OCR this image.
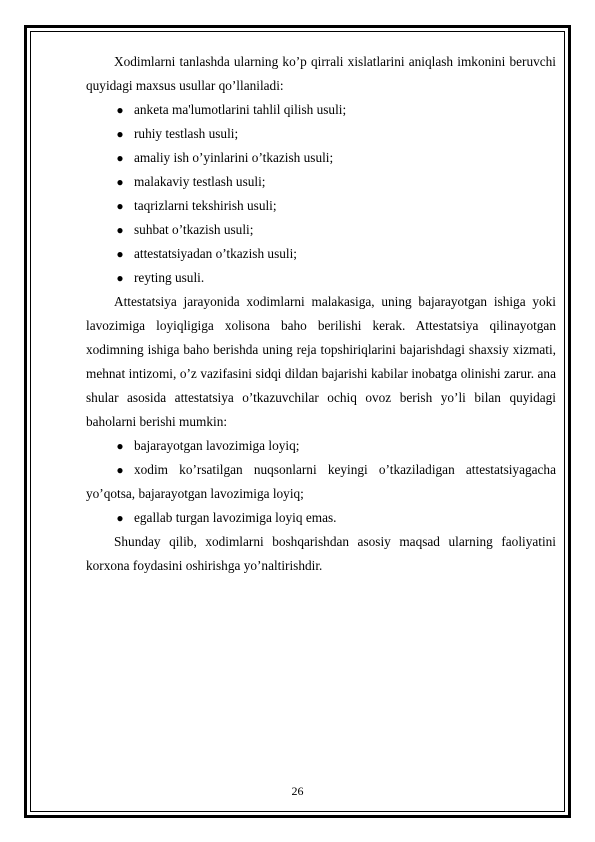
Xodimlarni tanlashda ularning ko’p qirrali xislatlarini aniqlash imkonini beruvchi quyidagi maxsus usullar qo’llaniladi:

● anketa ma'lumotlarini tahlil qilish usuli;
● ruhiy testlash usuli;
● amaliy ish o’yinlarini o’tkazish usuli;
● malakaviy testlash usuli;
● taqrizlarni tekshirish usuli;
● suhbat o’tkazish usuli;
● attestatsiyadan o’tkazish usuli;
● reyting usuli.

Attestatsiya jarayonida xodimlarni malakasiga, uning bajarayotgan ishiga yoki lavozimiga loyiqligiga xolisona baho berilishi kerak. Attestatsiya qilinayotgan xodimning ishiga baho berishda uning reja topshiriqlarini bajarishdagi shaxsiy xizmati, mehnat intizomi, o’z vazifasini sidqi dildan bajarishi kabilar inobatga olinishi zarur. ana shular asosida attestatsiya o’tkazuvchilar ochiq ovoz berish yo’li bilan quyidagi baholarni berishi mumkin:

● bajarayotgan lavozimiga loyiq;
● xodim ko’rsatilgan nuqsonlarni keyingi o’tkaziladigan attestatsiyagacha yo’qotsa, bajarayotgan lavozimiga loyiq;
● egallab turgan lavozimiga loyiq emas.

Shunday qilib, xodimlarni boshqarishdan asosiy maqsad ularning faoliyatini korxona foydasini oshirishga yo’naltirishdir.

26
